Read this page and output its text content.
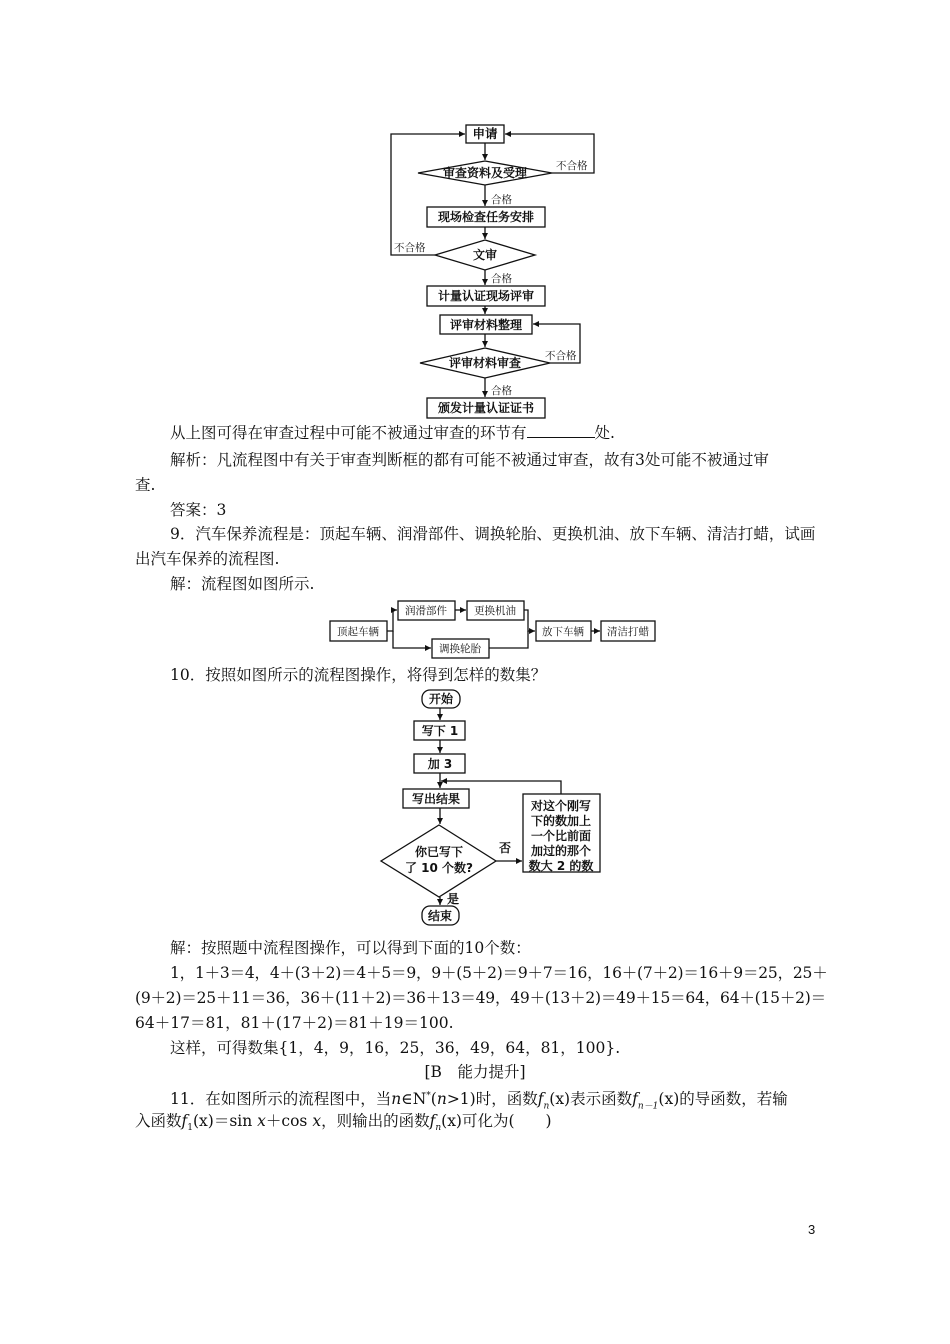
申请
审查资料及受理
现场检查任务安排
文审
计量认证现场评审
评审材料整理
评审材料审查
颁发计量认证证书
合格
合格
合格
不合格
不合格
不合格
从上图可得在审查过程中可能不被通过审查的环节有	处.
解析：凡流程图中有关于审查判断框的都有可能不被通过审查，故有3处可能不被通过审
查.
答案：3
9．汽车保养流程是：顶起车辆、润滑部件、调换轮胎、更换机油、放下车辆、清洁打蜡，试画
出汽车保养的流程图.
解：流程图如图所示.
顶起车辆
润滑部件	更换机油
调换轮胎
放下车辆 清洁打蜡
10．按照如图所示的流程图操作，将得到怎样的数集？
开始
写下 1
加 3
写出结果
你已写下
了 10 个数?
否
是
结束
对这个刚写
下的数加上
一个比前面
加过的那个
数大 2 的数
解：按照题中流程图操作，可以得到下面的10个数：
1，1＋3＝4，4＋(3＋2)＝4＋5＝9，9＋(5＋2)＝9＋7＝16，16＋(7＋2)＝16＋9＝25，25＋
(9＋2)＝25＋11＝36，36＋(11＋2)＝36＋13＝49，49＋(13＋2)＝49＋15＝64，64＋(15＋2)＝
64＋17＝81，81＋(17＋2)＝81＋19＝100.
这样，可得数集{1，4，9，16，25，36，49，64，81，100}.
[B　能力提升]
11．在如图所示的流程图中，当n∈N*(n>1)时，函数$f_n(x)$表示函数$f_{n-1}(x)$的导函数，若输
入函数$f_1(x)=\sin$ x＋cos x，则输出的函数$f_n(x)$可化为(　　)
3
